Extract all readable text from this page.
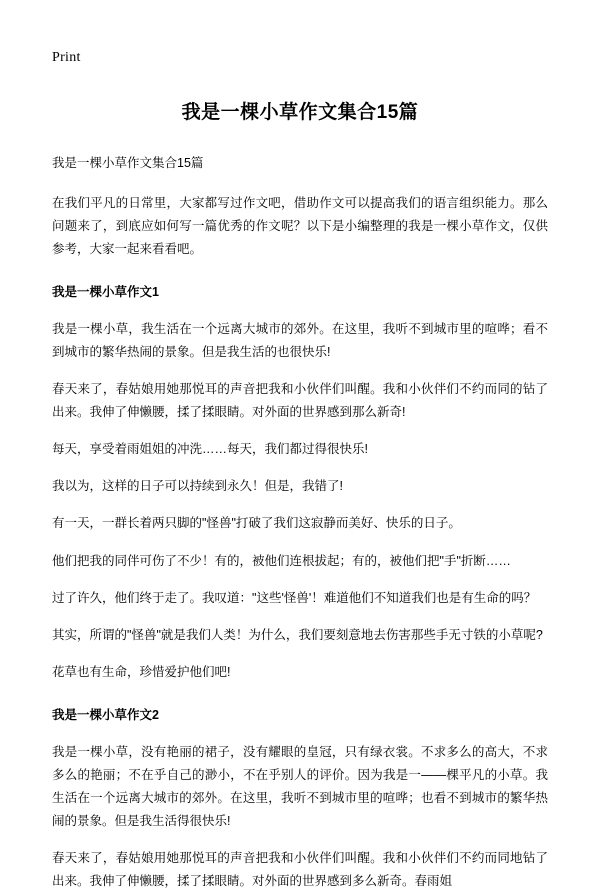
Print
我是一棵小草作文集合15篇

我是一棵小草作文集合15篇

在我们平凡的日常里，大家都写过作文吧，借助作文可以提高我们的语言组织能力。那么问题来了，到底应如何写一篇优秀的作文呢？以下是小编整理的我是一棵小草作文，仅供参考，大家一起来看看吧。

我是一棵小草作文1

我是一棵小草，我生活在一个远离大城市的郊外。在这里，我听不到城市里的喧哗；看不到城市的繁华热闹的景象。但是我生活的也很快乐!

春天来了，春姑娘用她那悦耳的声音把我和小伙伴们叫醒。我和小伙伴们不约而同的钻了出来。我伸了伸懒腰，揉了揉眼睛。对外面的世界感到那么新奇!

每天，享受着雨姐姐的冲洗……每天，我们都过得很快乐!

我以为，这样的日子可以持续到永久！但是，我错了!

有一天，一群长着两只脚的"怪兽"打破了我们这寂静而美好、快乐的日子。

他们把我的同伴可伤了不少！有的，被他们连根拔起；有的，被他们把"手"折断……

过了许久，他们终于走了。我叹道："这些'怪兽'！难道他们不知道我们也是有生命的吗？

其实，所谓的"怪兽"就是我们人类！为什么，我们要刻意地去伤害那些手无寸铁的小草呢?

花草也有生命，珍惜爱护他们吧!

我是一棵小草作文2

我是一棵小草，没有艳丽的裙子，没有耀眼的皇冠，只有绿衣裳。不求多么的高大，不求多么的艳丽；不在乎自己的渺小，不在乎别人的评价。因为我是一——棵平凡的小草。我生活在一个远离大城市的郊外。在这里，我听不到城市里的喧哗；也看不到城市的繁华热闹的景象。但是我生活得很快乐!

春天来了，春姑娘用她那悦耳的声音把我和小伙伴们叫醒。我和小伙伴们不约而同地钻了出来。我伸了伸懒腰，揉了揉眼睛。对外面的世界感到多么新奇。春雨姐
